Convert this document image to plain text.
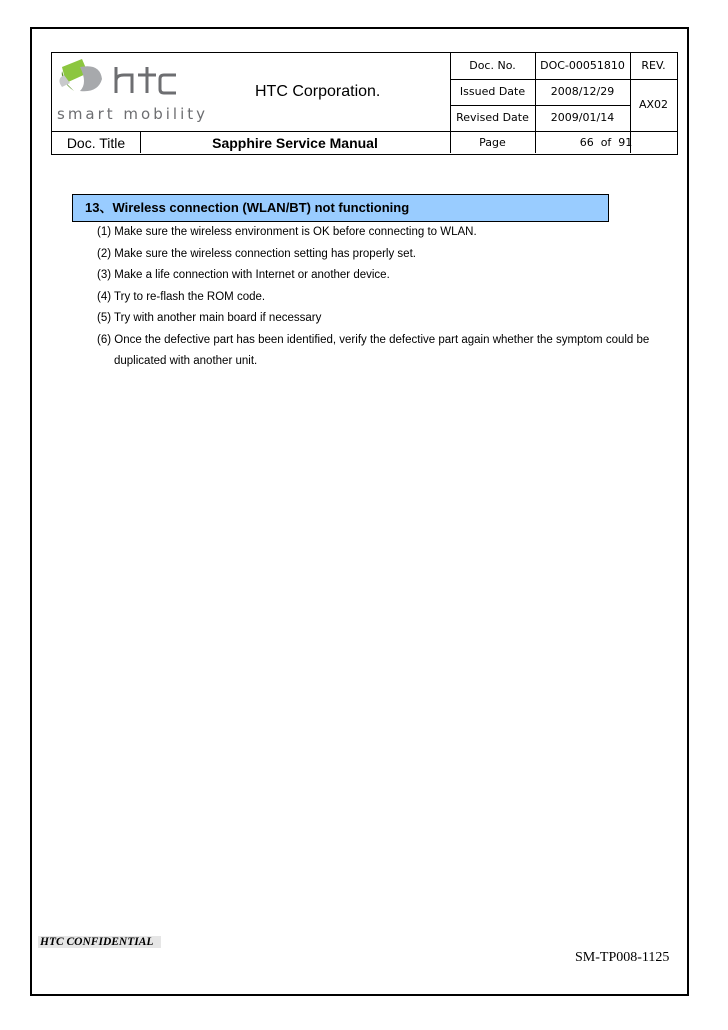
smart mobility
HTC Corporation.
Doc. No.	DOC-00051810	REV.
Issued Date	2008/12/29
AX02
Revised Date	2009/01/14
Doc. Title	Sapphire Service Manual	Page	66  of  91
13、Wireless connection (WLAN/BT) not functioning
(1) Make sure the wireless environment is OK before connecting to WLAN.
(2) Make sure the wireless connection setting has properly set.
(3) Make a life connection with Internet or another device.
(4) Try to re-flash the ROM code.
(5) Try with another main board if necessary
(6) Once the defective part has been identified, verify the defective part again whether the symptom could be
duplicated with another unit.
HTC CONFIDENTIAL
SM-TP008-1125
